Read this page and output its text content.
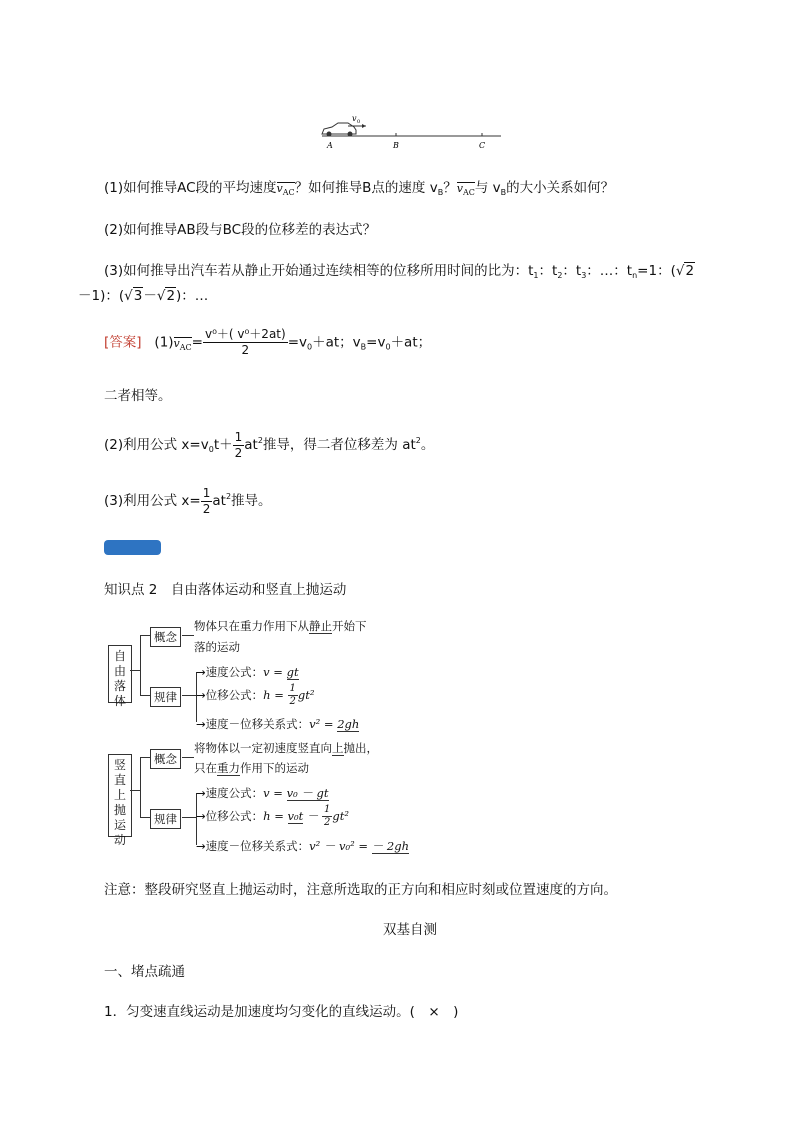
v 0
A	B	C
(1)如何推导AC段的平均速度$v_{AC}$？如何推导B点的速度 $v_B$？$v_{AC}$与 $v_B$的大小关系如何？
(2)如何推导AB段与BC段的位移差的表达式？
(3)如何推导出汽车若从静止开始通过连续相等的位移所用时间的比为：$t_1$：$t_2$：$t_3$：…：$t_n=1$：(√2
－1)：(√3－√2)：…
[答案] $(1)v_{AC}= \frac{\text{v⁰＋( v⁰＋2at)}}{2} =v_0+at$；$v_B=v_0+at$；
二者相等。
(2)利用公式 $x=v_0t+ \frac{1}{2} at^2$推导，得二者位移差为 $at^2$。
(3)利用公式 $x= \frac{1}{2} at^2$推导。
知识点 2　自由落体运动和竖直上抛运动
自由落体
概念
物体只在重力作用下从静止开始下
落的运动
规律
→速度公式：v = gt
→位移公式：$h = \frac{1}{2} gt^2$
→速度－位移关系式：v² = 2gh
竖直上抛运动
概念
将物体以一定初速度竖直向上抛出，
只在重力作用下的运动
规律
→速度公式：v = v₀ － gt
→位移公式：$h = v_0t - \frac{1}{2} gt^2$
→速度－位移关系式：v² － v₀² = － 2gh
注意：整段研究竖直上抛运动时，注意所选取的正方向和相应时刻或位置速度的方向。
双基自测
一、堵点疏通
1．匀变速直线运动是加速度均匀变化的直线运动。(　×　)
